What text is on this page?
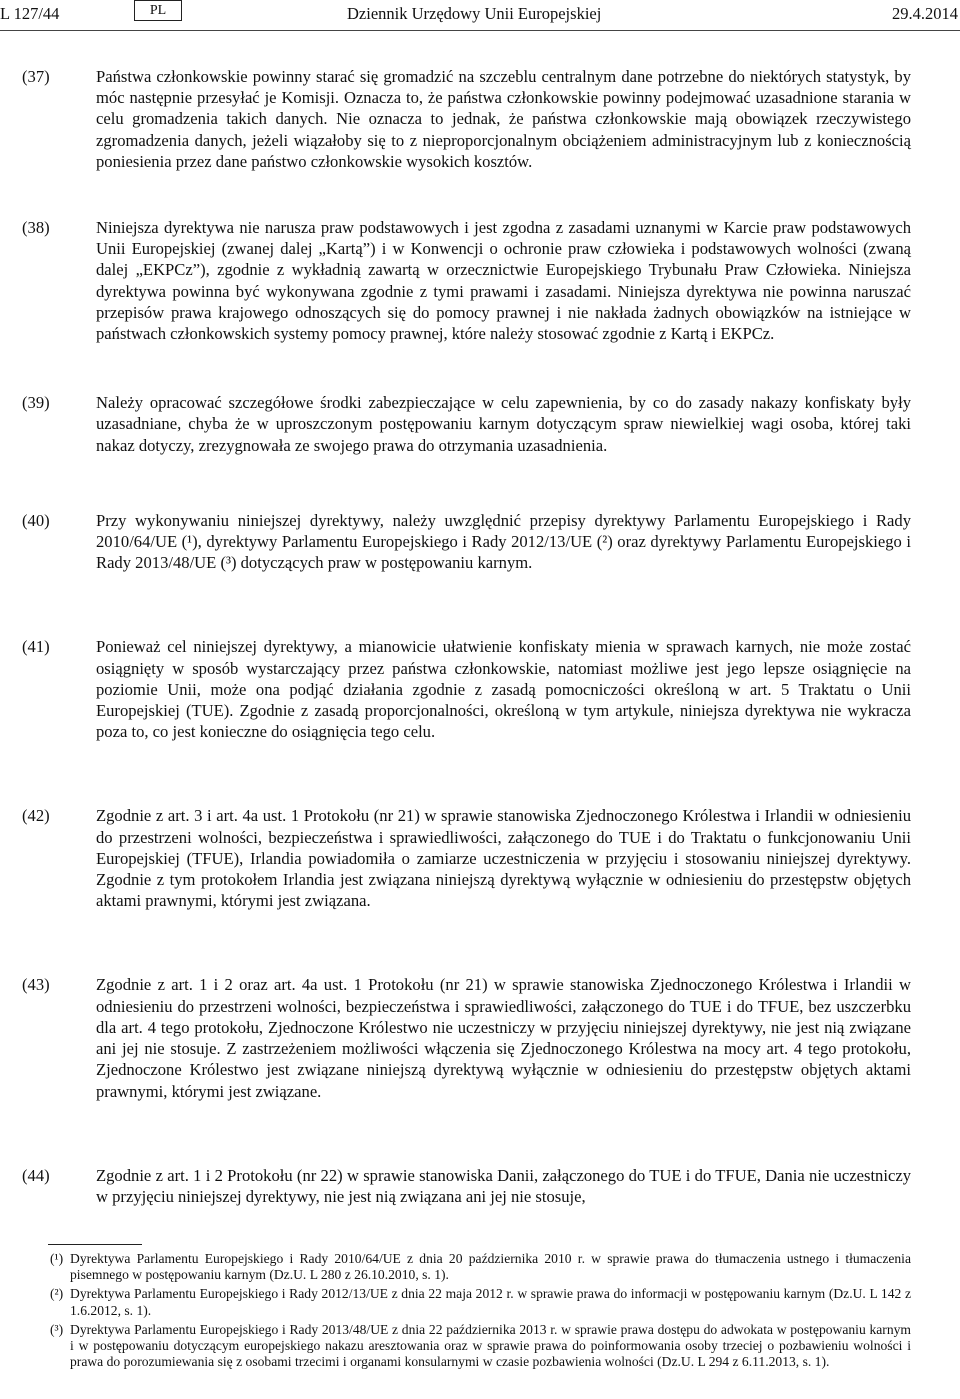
L 127/44	PL	Dziennik Urzędowy Unii Europejskiej	29.4.2014
(37)	Państwa członkowskie powinny starać się gromadzić na szczeblu centralnym dane potrzebne do niektórych statystyk, by móc następnie przesyłać je Komisji. Oznacza to, że państwa członkowskie powinny podejmować uzasadnione starania w celu gromadzenia takich danych. Nie oznacza to jednak, że państwa członkowskie mają obowiązek rzeczywistego zgromadzenia danych, jeżeli wiązałoby się to z nieproporcjonalnym obciążeniem administracyjnym lub z koniecznością poniesienia przez dane państwo członkowskie wysokich kosztów.
(38)	Niniejsza dyrektywa nie narusza praw podstawowych i jest zgodna z zasadami uznanymi w Karcie praw podstawowych Unii Europejskiej (zwanej dalej „Kartą”) i w Konwencji o ochronie praw człowieka i podstawowych wolności (zwaną dalej „EKPCz”), zgodnie z wykładnią zawartą w orzecznictwie Europejskiego Trybunału Praw Człowieka. Niniejsza dyrektywa powinna być wykonywana zgodnie z tymi prawami i zasadami. Niniejsza dyrektywa nie powinna naruszać przepisów prawa krajowego odnoszących się do pomocy prawnej i nie nakłada żadnych obowiązków na istniejące w państwach członkowskich systemy pomocy prawnej, które należy stosować zgodnie z Kartą i EKPCz.
(39)	Należy opracować szczegółowe środki zabezpieczające w celu zapewnienia, by co do zasady nakazy konfiskaty były uzasadniane, chyba że w uproszczonym postępowaniu karnym dotyczącym spraw niewielkiej wagi osoba, której taki nakaz dotyczy, zrezygnowała ze swojego prawa do otrzymania uzasadnienia.
(40)	Przy wykonywaniu niniejszej dyrektywy, należy uwzględnić przepisy dyrektywy Parlamentu Europejskiego i Rady 2010/64/UE (¹), dyrektywy Parlamentu Europejskiego i Rady 2012/13/UE (²) oraz dyrektywy Parlamentu Europejskiego i Rady 2013/48/UE (³) dotyczących praw w postępowaniu karnym.
(41)	Ponieważ cel niniejszej dyrektywy, a mianowicie ułatwienie konfiskaty mienia w sprawach karnych, nie może zostać osiągnięty w sposób wystarczający przez państwa członkowskie, natomiast możliwe jest jego lepsze osiągnięcie na poziomie Unii, może ona podjąć działania zgodnie z zasadą pomocniczości określoną w art. 5 Traktatu o Unii Europejskiej (TUE). Zgodnie z zasadą proporcjonalności, określoną w tym artykule, niniejsza dyrektywa nie wykracza poza to, co jest konieczne do osiągnięcia tego celu.
(42)	Zgodnie z art. 3 i art. 4a ust. 1 Protokołu (nr 21) w sprawie stanowiska Zjednoczonego Królestwa i Irlandii w odniesieniu do przestrzeni wolności, bezpieczeństwa i sprawiedliwości, załączonego do TUE i do Traktatu o funkcjonowaniu Unii Europejskiej (TFUE), Irlandia powiadomiła o zamiarze uczestniczenia w przyjęciu i stosowaniu niniejszej dyrektywy. Zgodnie z tym protokołem Irlandia jest związana niniejszą dyrektywą wyłącznie w odniesieniu do przestępstw objętych aktami prawnymi, którymi jest związana.
(43)	Zgodnie z art. 1 i 2 oraz art. 4a ust. 1 Protokołu (nr 21) w sprawie stanowiska Zjednoczonego Królestwa i Irlandii w odniesieniu do przestrzeni wolności, bezpieczeństwa i sprawiedliwości, załączonego do TUE i do TFUE, bez uszczerbku dla art. 4 tego protokołu, Zjednoczone Królestwo nie uczestniczy w przyjęciu niniejszej dyrektywy, nie jest nią związane ani jej nie stosuje. Z zastrzeżeniem możliwości włączenia się Zjednoczonego Królestwa na mocy art. 4 tego protokołu, Zjednoczone Królestwo jest związane niniejszą dyrektywą wyłącznie w odniesieniu do przestępstw objętych aktami prawnymi, którymi jest związane.
(44)	Zgodnie z art. 1 i 2 Protokołu (nr 22) w sprawie stanowiska Danii, załączonego do TUE i do TFUE, Dania nie uczestniczy w przyjęciu niniejszej dyrektywy, nie jest nią związana ani jej nie stosuje,
(¹) Dyrektywa Parlamentu Europejskiego i Rady 2010/64/UE z dnia 20 października 2010 r. w sprawie prawa do tłumaczenia ustnego i tłumaczenia pisemnego w postępowaniu karnym (Dz.U. L 280 z 26.10.2010, s. 1).
(²) Dyrektywa Parlamentu Europejskiego i Rady 2012/13/UE z dnia 22 maja 2012 r. w sprawie prawa do informacji w postępowaniu karnym (Dz.U. L 142 z 1.6.2012, s. 1).
(³) Dyrektywa Parlamentu Europejskiego i Rady 2013/48/UE z dnia 22 października 2013 r. w sprawie prawa dostępu do adwokata w postępowaniu karnym i w postępowaniu dotyczącym europejskiego nakazu aresztowania oraz w sprawie prawa do poinformowania osoby trzeciej o pozbawieniu wolności i prawa do porozumiewania się z osobami trzecimi i organami konsularnymi w czasie pozbawienia wolności (Dz.U. L 294 z 6.11.2013, s. 1).
